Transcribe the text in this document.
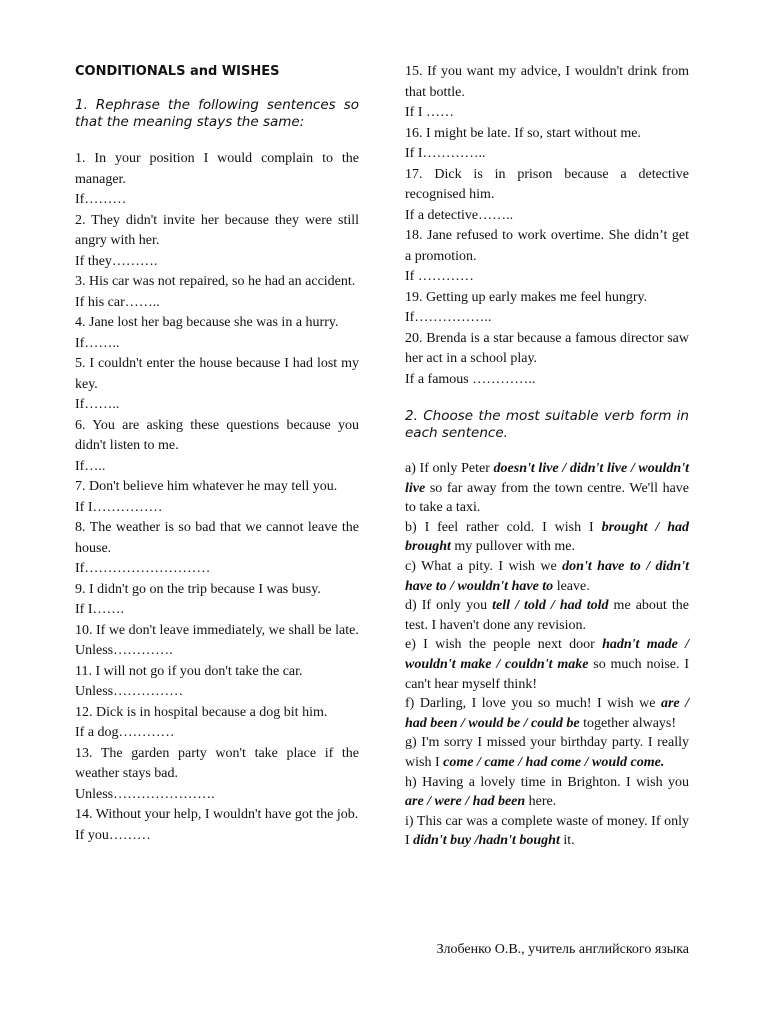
CONDITIONALS and WISHES
1. Rephrase the following sentences so that the meaning stays the same:

1. In your position I would complain to the manager.

If………

2. They didn't invite her because they were still angry with her.

If they……….

3. His car was not repaired, so he had an accident.

If his car……..

4. Jane lost her bag because she was in a hurry.

If……..

5. I couldn't enter the house because I had lost my key.

If……..

6. You are asking these questions because you didn't listen to me.

If…..

7. Don't believe him whatever he may tell you.

If I……………

8. The weather is so bad that we cannot leave the house.

If………………………

9. I didn't go on the trip because I was busy.

If I…….

10. If we don't leave immediately, we shall be late.

Unless………….

11. I will not go if you don't take the car.

Unless……………

12. Dick is in hospital because a dog bit him.

If a dog…………

13. The garden party won't take place if the weather stays bad.

Unless………………….

14. Without your help, I wouldn't have got the job.

If you………

15. If you want my advice, I wouldn't drink from that bottle.

If I ……

16. I might be late. If so, start without me.

If I…………..

17. Dick is in prison because a detective recognised him.

If a detective……..

18. Jane refused to work overtime. She didn’t get a promotion.

If …………

19. Getting up early makes me feel hungry.

If……………..

20. Brenda is a star because a famous director saw her act in a school play.

If a famous …………..

2. Choose the most suitable verb form in each sentence.

a) If only Peter doesn't live / didn't live / wouldn't live so far away from the town centre. We'll have to take a taxi.

b) I feel rather cold. I wish I brought / had brought my pullover with me.

c) What a pity. I wish we don't have to / didn't have to / wouldn't have to leave.

d) If only you tell / told / had told me about the test. I haven't done any revision.

e) I wish the people next door hadn't made / wouldn't make / couldn't make so much noise. I can't hear myself think!

f) Darling, I love you so much! I wish we are / had been / would be / could be together always!

g) I'm sorry I missed your birthday party. I really wish I come / came / had come / would come.

h) Having a lovely time in Brighton. I wish you are / were / had been here.

i) This car was a complete waste of money. If only I didn't buy /hadn't bought it.

Злобенко О.В., учитель английского языка
